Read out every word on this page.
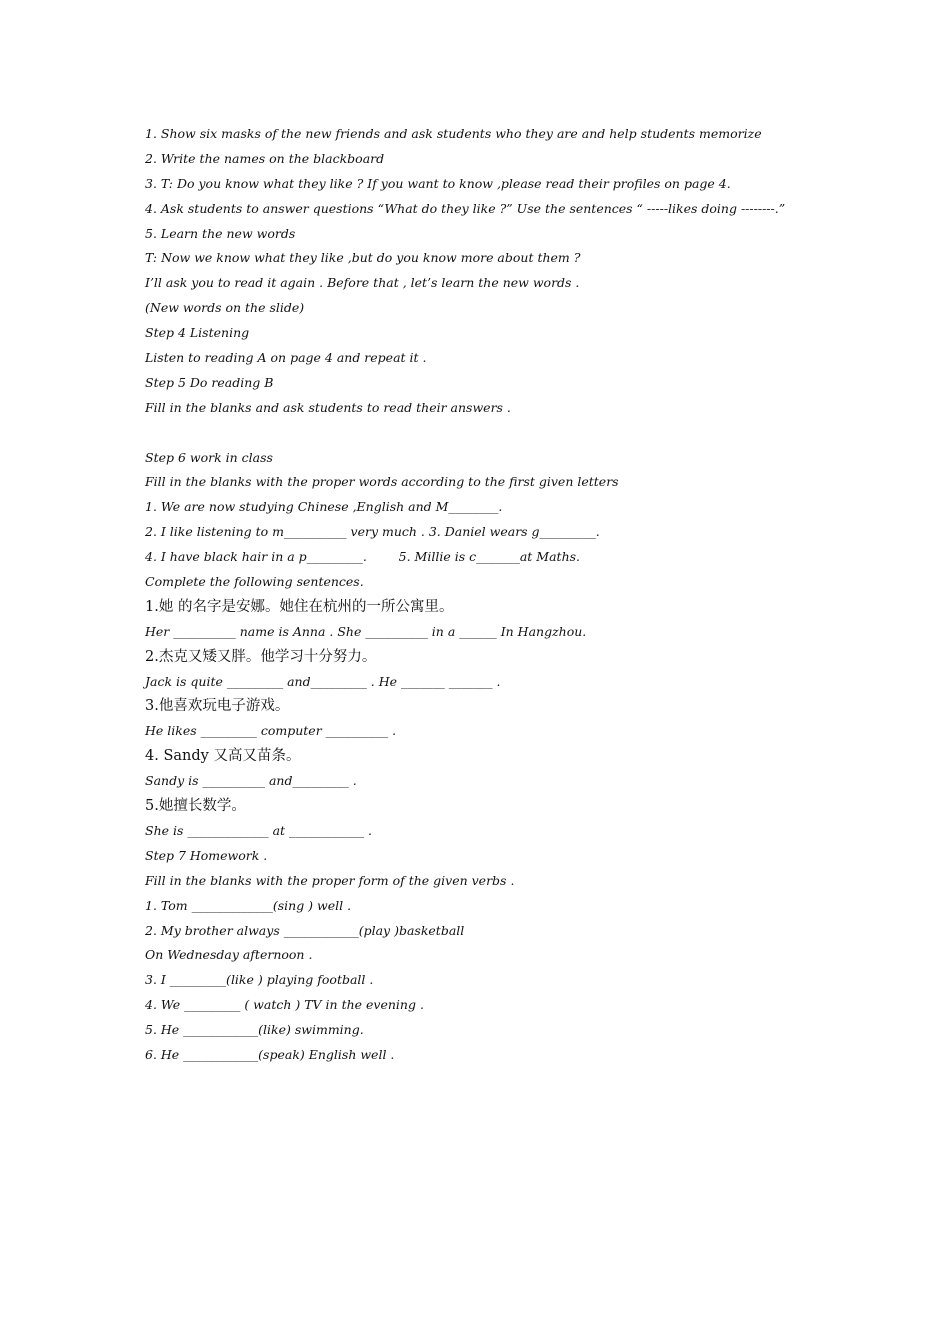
1. Show six masks of the new friends and ask students who they are and help students memorize
2. Write the names on the blackboard
3. T: Do you know what they like ? If you want to know ,please read their profiles on page 4.
4. Ask students to answer questions “What do they like ?” Use the sentences “ -----likes doing --------.”
5. Learn the new words
T: Now we know what they like ,but do you know more about them ?
I’ll ask you to read it again . Before that , let’s learn the new words .
(New words on the slide)
Step 4 Listening
Listen to reading A on page 4 and repeat it .
Step 5 Do reading B
Fill in the blanks and ask students to read their answers .
Step 6 work in class
Fill in the blanks with the proper words according to the first given letters
1. We are now studying Chinese ,English and M________.
2. I like listening to m__________ very much . 3. Daniel wears g_________.
4. I have black hair in a p_________.        5. Millie is c_______at Maths.
Complete the following sentences.
1.她 的名字是安娜。她住在杭州的一所公寓里。
Her __________ name is Anna . She __________ in a ______ In Hangzhou.
2.杰克又矮又胖。他学习十分努力。
Jack is quite _________ and_________ . He _______ _______ .
3.他喜欢玩电子游戏。
He likes _________ computer __________ .
4. Sandy 又高又苗条。
Sandy is __________ and_________ .
5.她擅长数学。
She is _____________ at ____________ .
Step 7 Homework .
Fill in the blanks with the proper form of the given verbs .
1. Tom _____________(sing ) well .
2. My brother always ____________(play )basketball
On Wednesday afternoon .
3. I _________(like ) playing football .
4. We _________ ( watch ) TV in the evening .
5. He ____________(like) swimming.
6. He ____________(speak) English well .
